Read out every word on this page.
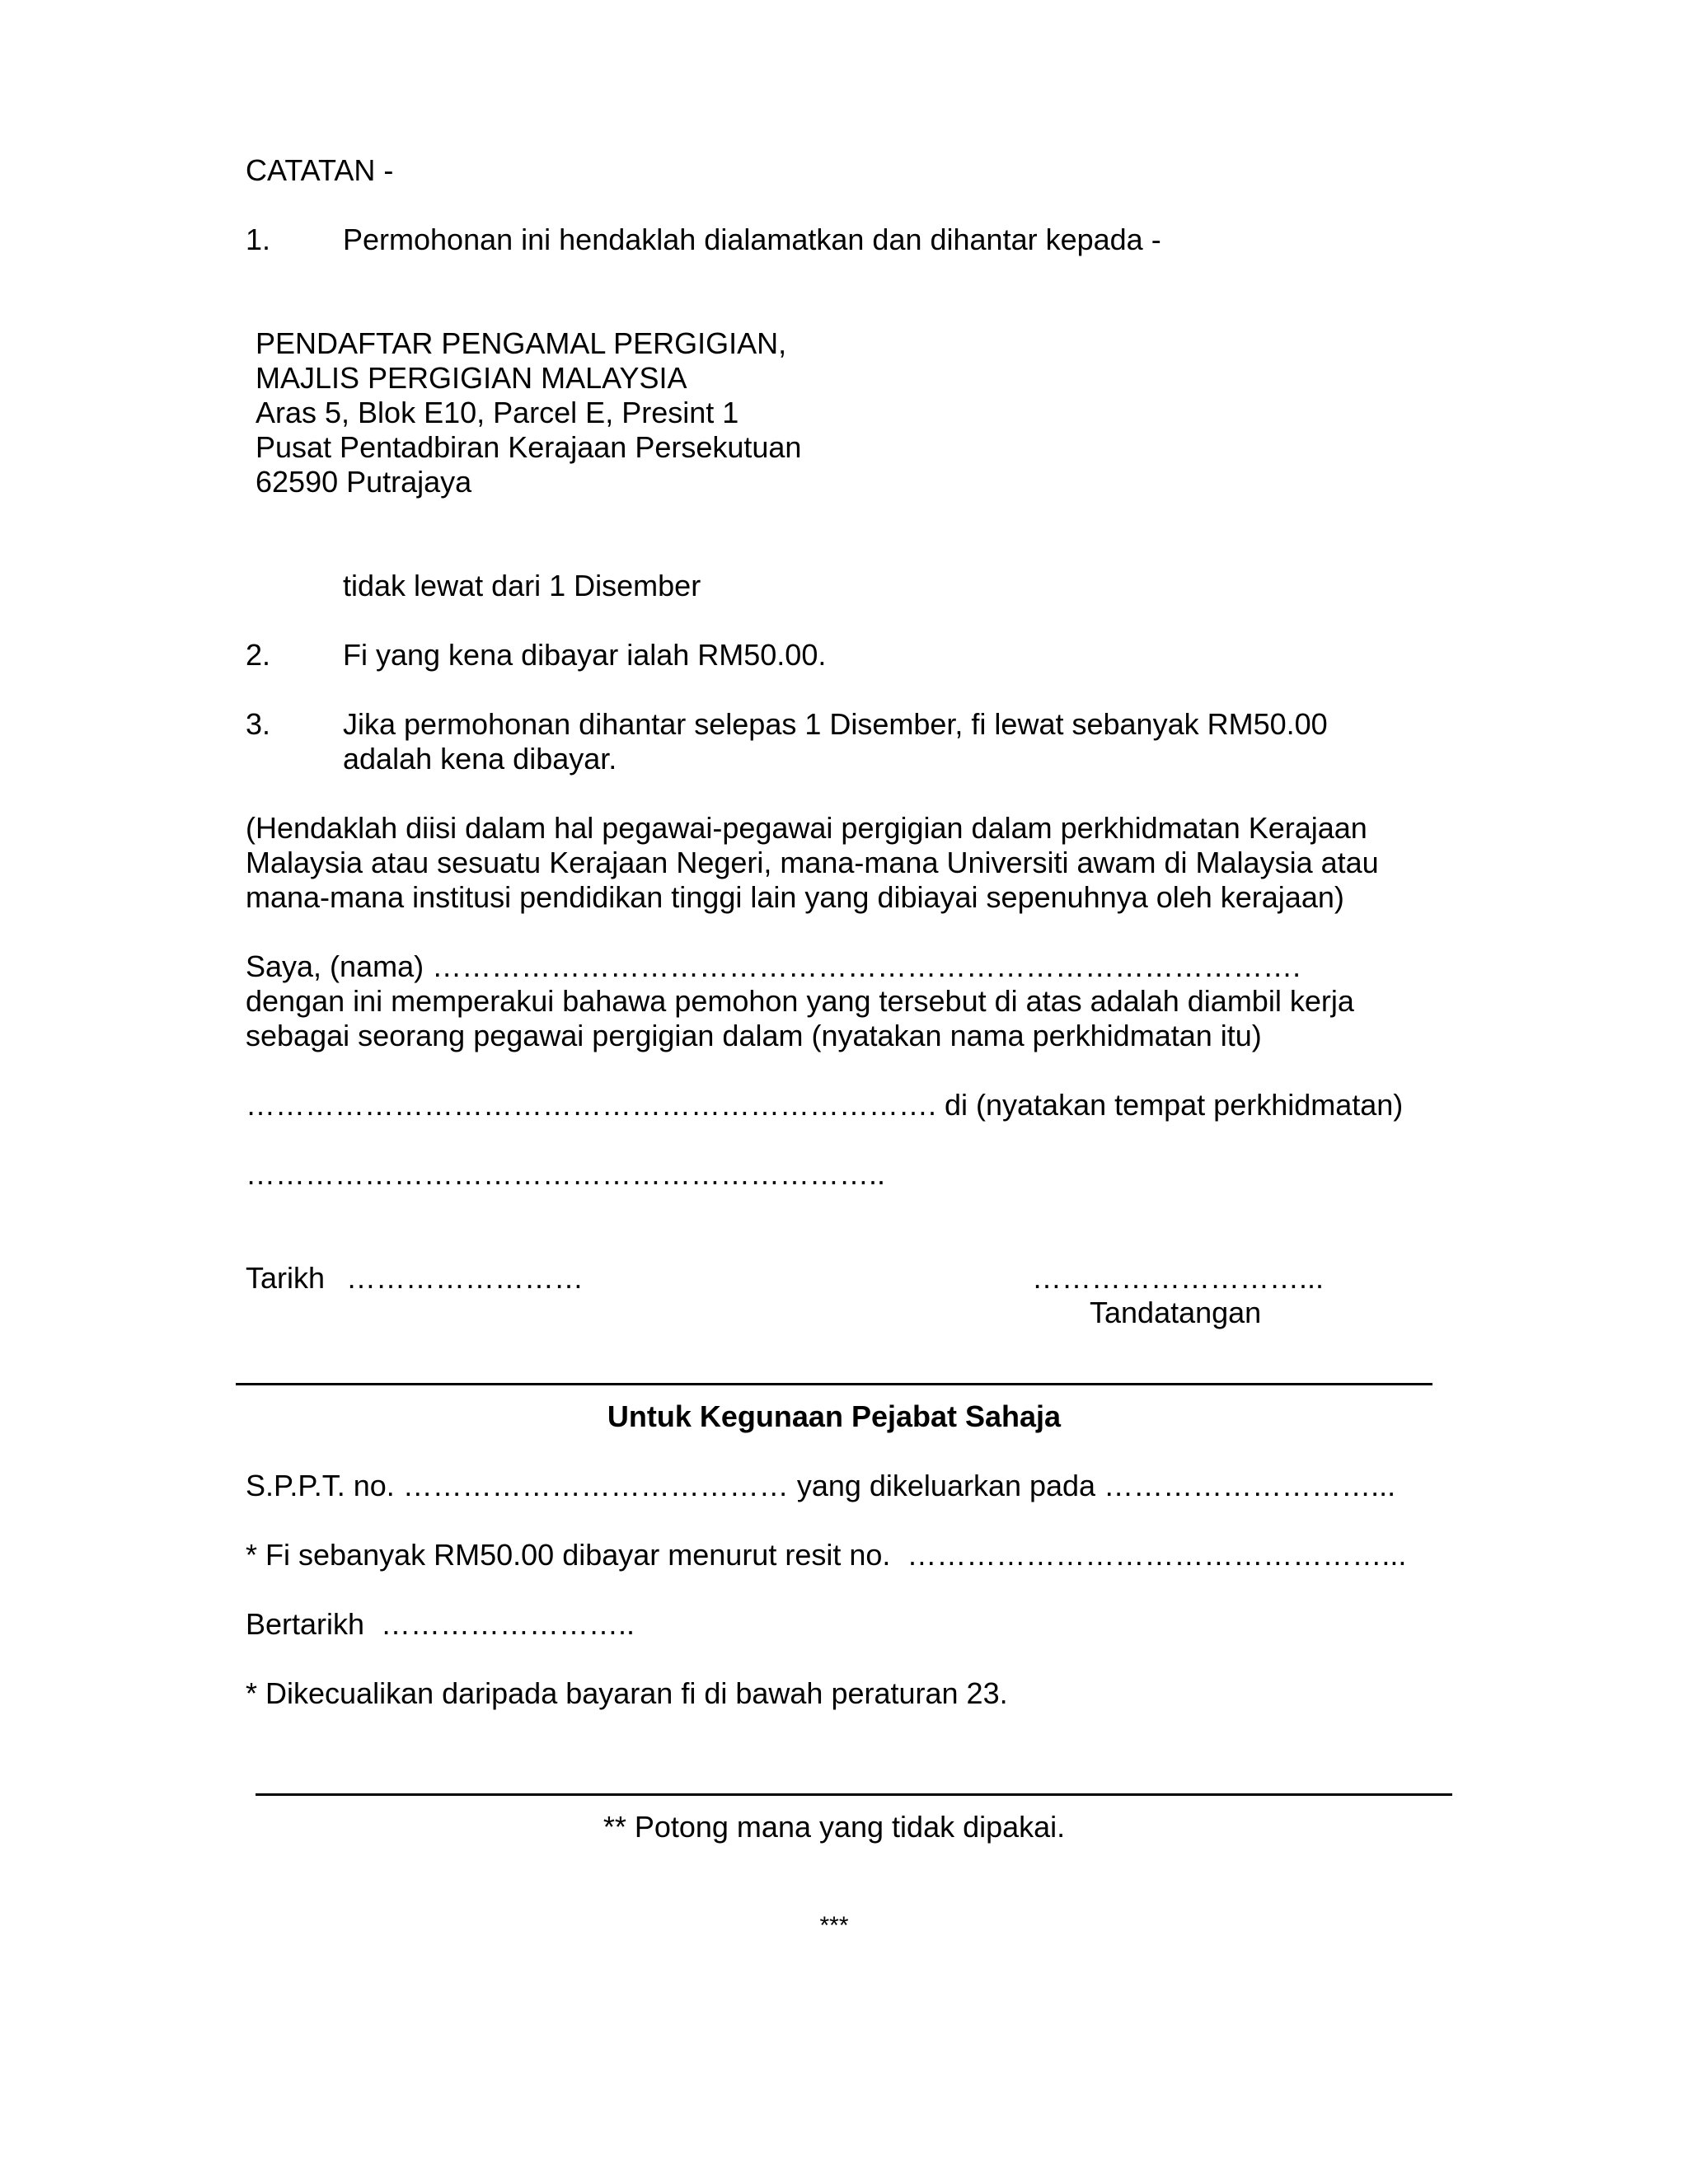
CATATAN -
1. Permohonan ini hendaklah dialamatkan dan dihantar kepada -
PENDAFTAR PENGAMAL PERGIGIAN,
MAJLIS PERGIGIAN MALAYSIA
Aras 5, Blok E10, Parcel E, Presint 1
Pusat Pentadbiran Kerajaan Persekutuan
62590 Putrajaya
tidak lewat dari 1 Disember
2. Fi yang kena dibayar ialah RM50.00.
3. Jika permohonan dihantar selepas 1 Disember, fi lewat sebanyak RM50.00
adalah kena dibayar.
(Hendaklah diisi dalam hal pegawai-pegawai pergigian dalam perkhidmatan Kerajaan
Malaysia atau sesuatu Kerajaan Negeri, mana-mana Universiti awam di Malaysia atau
mana-mana institusi pendidikan tinggi lain yang dibiayai sepenuhnya oleh kerajaan)
Saya, (nama) …………………………………………………………………………….
dengan ini memperakui bahawa pemohon yang tersebut di atas adalah diambil kerja
sebagai seorang pegawai pergigian dalam (nyatakan nama perkhidmatan itu)
……………………………………………………………. di (nyatakan tempat perkhidmatan)
………………………………………………………..
Tarikh ……………………	………………………...
Tandatangan
Untuk Kegunaan Pejabat Sahaja
S.P.P.T. no. ………………………………… yang dikeluarkan pada ………………………...
* Fi sebanyak RM50.00 dibayar menurut resit no.  …………………………………………...
Bertarikh  ……………………..
* Dikecualikan daripada bayaran fi di bawah peraturan 23.
** Potong mana yang tidak dipakai.
***
